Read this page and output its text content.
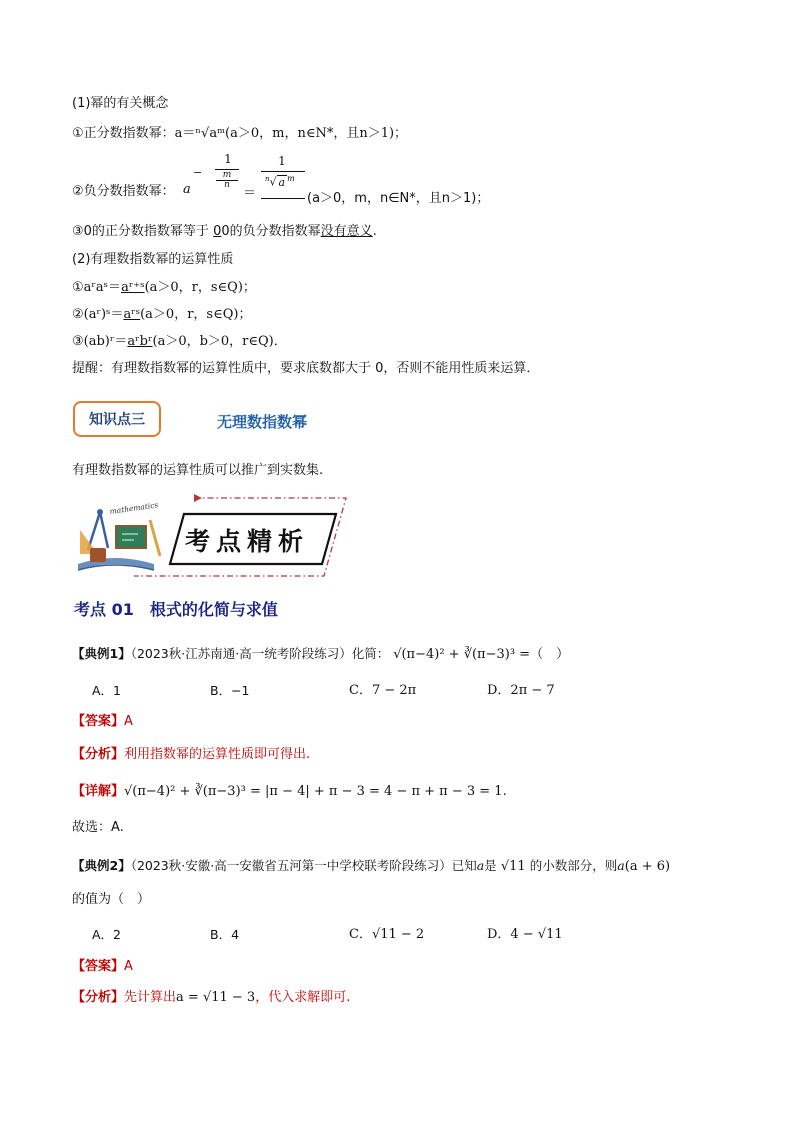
(1)幂的有关概念
①正分数指数幂：a＝ⁿ√aᵐ(a＞0，m，n∈N*，且n＞1)；
②负分数指数幂： a
−
1
m

n
＝
1
$^n$√ a $^m$
(a＞0，m，n∈N*，且n＞1)；
③0的正分数指数幂等于 00的负分数指数幂没有意义.
(2)有理数指数幂的运算性质
①aʳaˢ＝aʳ⁺ˢ(a＞0，r，s∈Q)；
②(aʳ)ˢ＝aʳˢ(a＞0，r，s∈Q)；
③(ab)ʳ＝aʳbʳ(a＞0，b＞0，r∈Q)．
提醒：有理数指数幂的运算性质中，要求底数都大于 0，否则不能用性质来运算．
知识点三	无理数指数幂
有理数指数幂的运算性质可以推广到实数集.
mathematics
考点精析
考点 01　根式的化简与求值
【典例1】（2023秋·江苏南通·高一统考阶段练习）化简： √(π−4)² + ∛(π−3)³ =（　）
A．1	B．−1	C．7 − 2π	D．2π − 7
【答案】A
【分析】利用指数幂的运算性质即可得出.
【详解】√(π−4)² + ∛(π−3)³ = |π − 4| + π − 3 = 4 − π + π − 3 = 1.
故选：A.
【典例2】（2023秋·安徽·高一安徽省五河第一中学校联考阶段练习）已知a是 √11 的小数部分，则a(a + 6)
的值为（　）
A．2	B．4	C．√11 − 2	D．4 − √11
【答案】A
【分析】先计算出a = √11 − 3，代入求解即可.
